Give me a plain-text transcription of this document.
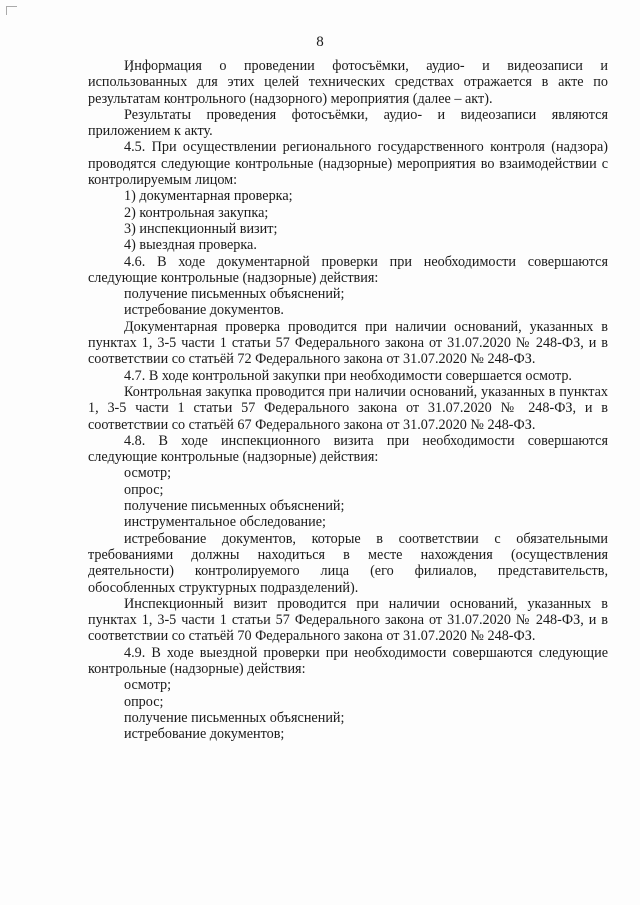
8

Информация о проведении фотосъёмки, аудио- и видеозаписи и использованных для этих целей технических средствах отражается в акте по результатам контрольного (надзорного) мероприятия (далее – акт).

Результаты проведения фотосъёмки, аудио- и видеозаписи являются приложением к акту.

4.5. При осуществлении регионального государственного контроля (надзора) проводятся следующие контрольные (надзорные) мероприятия во взаимодействии с контролируемым лицом:

1) документарная проверка;

2) контрольная закупка;

3) инспекционный визит;

4) выездная проверка.

4.6. В ходе документарной проверки при необходимости совершаются следующие контрольные (надзорные) действия:

получение письменных объяснений;

истребование документов.

Документарная проверка проводится при наличии оснований, указанных в пунктах 1, 3-5 части 1 статьи 57 Федерального закона от 31.07.2020 № 248-ФЗ, и в соответствии со статьёй 72 Федерального закона от 31.07.2020 № 248-ФЗ.

4.7. В ходе контрольной закупки при необходимости совершается осмотр.

Контрольная закупка проводится при наличии оснований, указанных в пунктах 1, 3-5 части 1 статьи 57 Федерального закона от 31.07.2020 № 248-ФЗ, и в соответствии со статьёй 67 Федерального закона от 31.07.2020 № 248-ФЗ.

4.8. В ходе инспекционного визита при необходимости совершаются следующие контрольные (надзорные) действия:

осмотр;

опрос;

получение письменных объяснений;

инструментальное обследование;

истребование документов, которые в соответствии с обязательными требованиями должны находиться в месте нахождения (осуществления деятельности) контролируемого лица (его филиалов, представительств, обособленных структурных подразделений).

Инспекционный визит проводится при наличии оснований, указанных в пунктах 1, 3-5 части 1 статьи 57 Федерального закона от 31.07.2020 № 248-ФЗ, и в соответствии со статьёй 70 Федерального закона от 31.07.2020 № 248-ФЗ.

4.9. В ходе выездной проверки при необходимости совершаются следующие контрольные (надзорные) действия:

осмотр;

опрос;

получение письменных объяснений;

истребование документов;
